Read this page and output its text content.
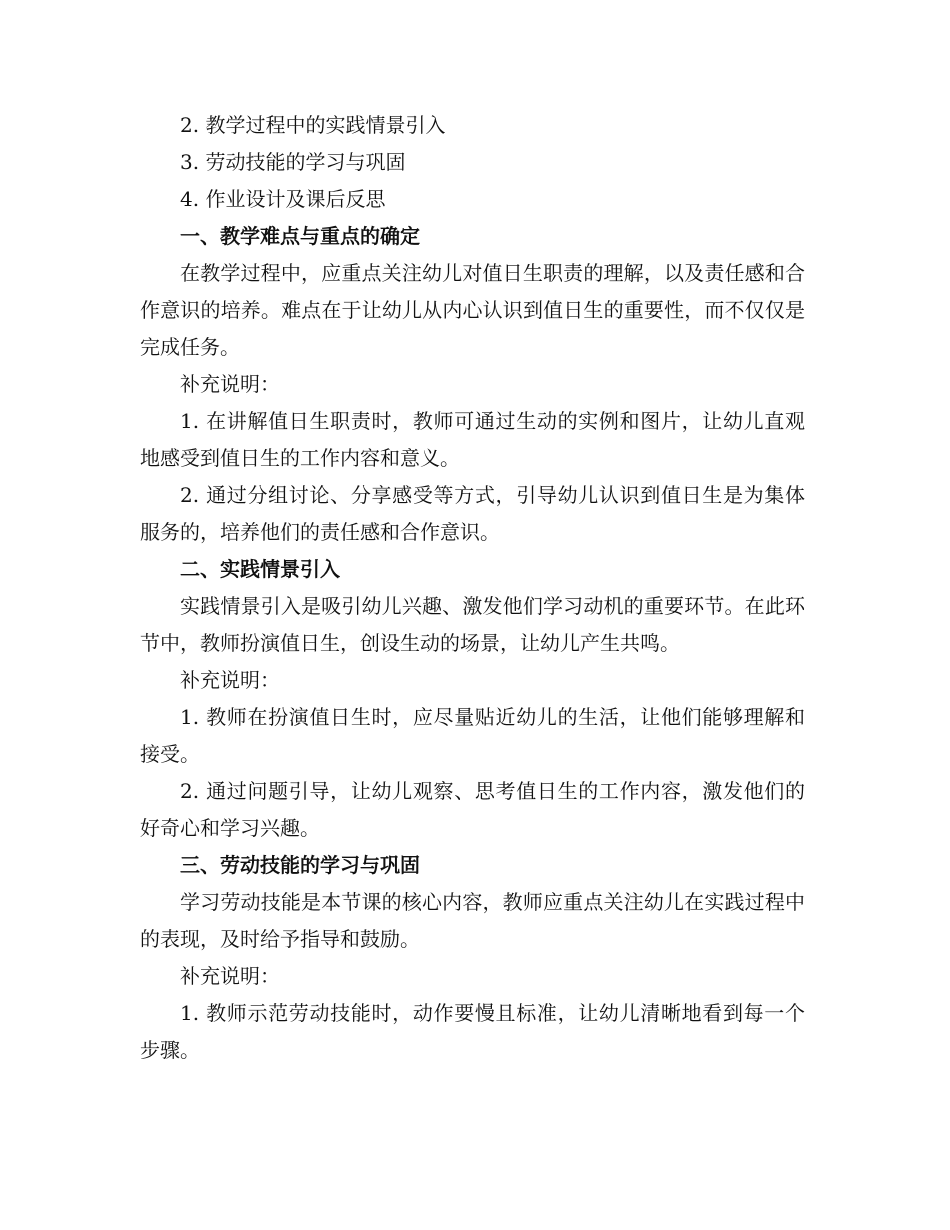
2. 教学过程中的实践情景引入

3. 劳动技能的学习与巩固

4. 作业设计及课后反思

一、教学难点与重点的确定

在教学过程中，应重点关注幼儿对值日生职责的理解，以及责任感和合作意识的培养。难点在于让幼儿从内心认识到值日生的重要性，而不仅仅是完成任务。

补充说明：

1. 在讲解值日生职责时，教师可通过生动的实例和图片，让幼儿直观地感受到值日生的工作内容和意义。

2. 通过分组讨论、分享感受等方式，引导幼儿认识到值日生是为集体服务的，培养他们的责任感和合作意识。

二、实践情景引入

实践情景引入是吸引幼儿兴趣、激发他们学习动机的重要环节。在此环节中，教师扮演值日生，创设生动的场景，让幼儿产生共鸣。

补充说明：

1. 教师在扮演值日生时，应尽量贴近幼儿的生活，让他们能够理解和接受。

2. 通过问题引导，让幼儿观察、思考值日生的工作内容，激发他们的好奇心和学习兴趣。

三、劳动技能的学习与巩固

学习劳动技能是本节课的核心内容，教师应重点关注幼儿在实践过程中的表现，及时给予指导和鼓励。

补充说明：

1. 教师示范劳动技能时，动作要慢且标准，让幼儿清晰地看到每一个步骤。
